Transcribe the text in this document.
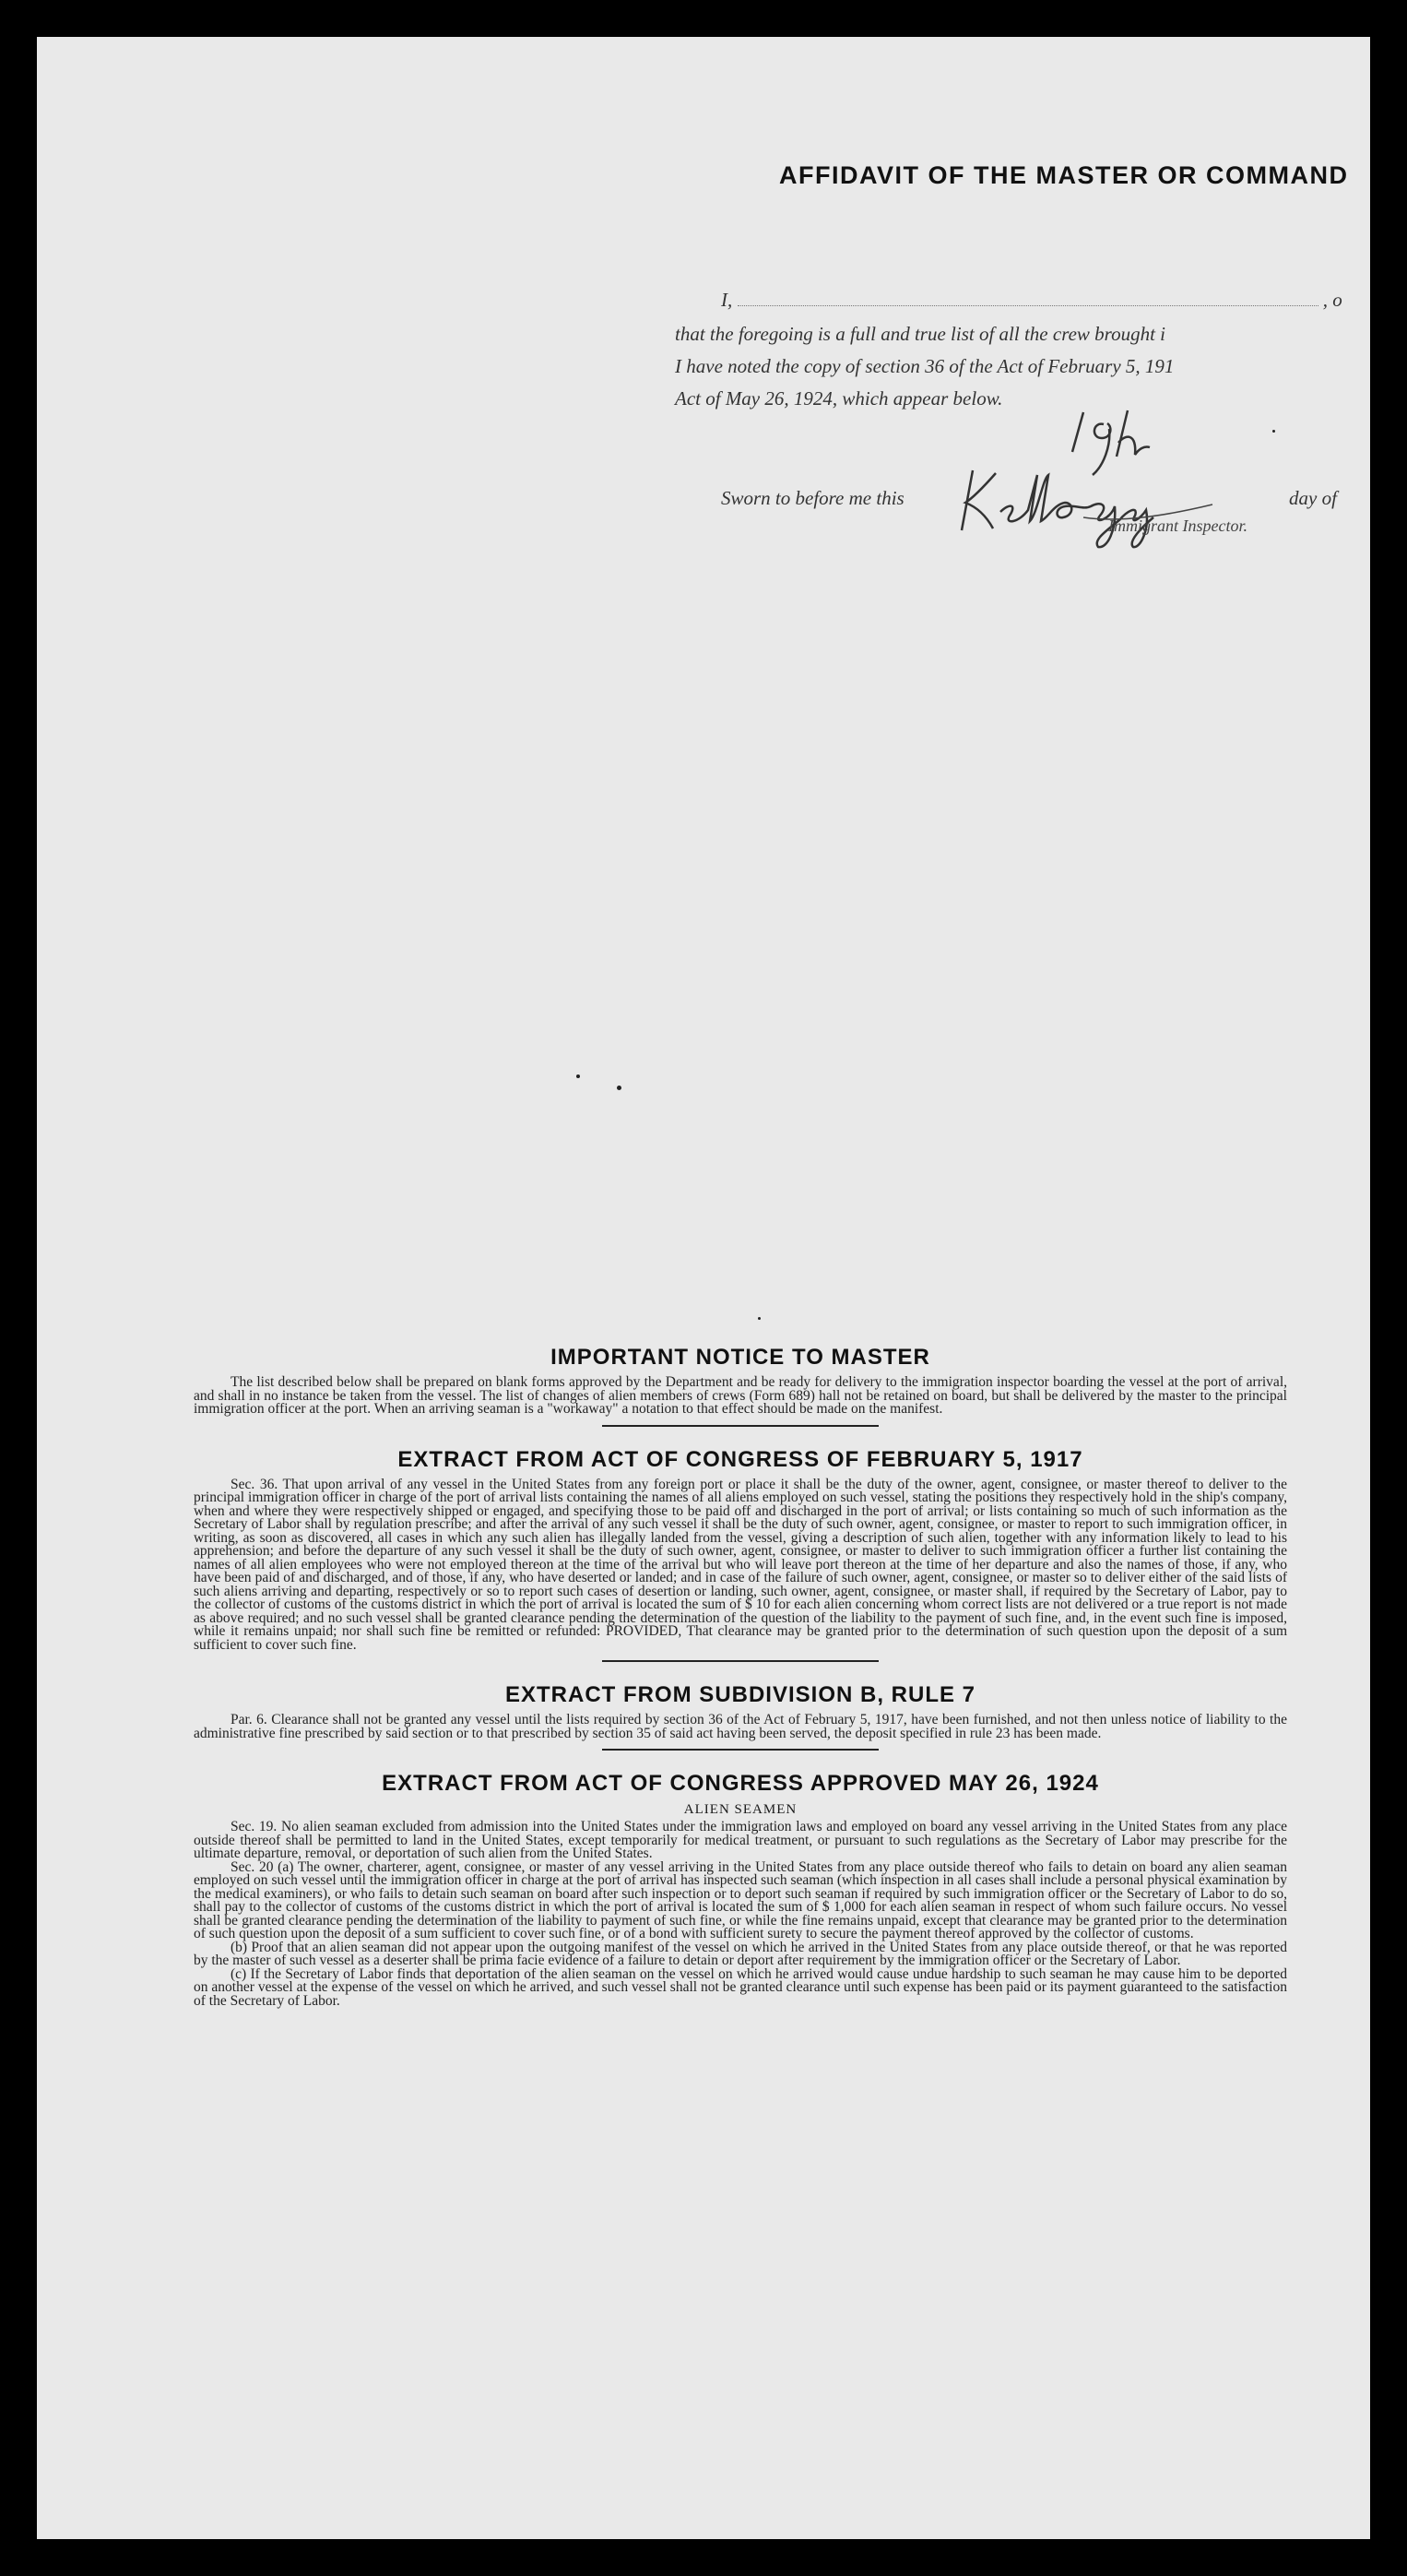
AFFIDAVIT OF THE MASTER OR COMMAND
I,	, o
that the foregoing is a full and true list of all the crew brought i
I have noted the copy of section 36 of the Act of February 5, 191
Act of May 26, 1924, which appear below.
Sworn to before me this	day of
Immigrant Inspector.
IMPORTANT NOTICE TO MASTER

The list described below shall be prepared on blank forms approved by the Department and be ready for delivery to the immigration inspector boarding the vessel at the port of arrival, and shall in no instance be taken from the vessel. The list of changes of alien members of crews (Form 689) hall not be retained on board, but shall be delivered by the master to the principal immigration officer at the port. When an arriving seaman is a "workaway" a notation to that effect should be made on the manifest.

EXTRACT FROM ACT OF CONGRESS OF FEBRUARY 5, 1917

Sec. 36. That upon arrival of any vessel in the United States from any foreign port or place it shall be the duty of the owner, agent, consignee, or master thereof to deliver to the principal immigration officer in charge of the port of arrival lists containing the names of all aliens employed on such vessel, stating the positions they respectively hold in the ship's company, when and where they were respectively shipped or engaged, and specifying those to be paid off and discharged in the port of arrival; or lists containing so much of such information as the Secretary of Labor shall by regulation prescribe; and after the arrival of any such vessel it shall be the duty of such owner, agent, consignee, or master to report to such immigration officer, in writing, as soon as discovered, all cases in which any such alien has illegally landed from the vessel, giving a description of such alien, together with any information likely to lead to his apprehension; and before the departure of any such vessel it shall be the duty of such owner, agent, consignee, or master to deliver to such immigration officer a further list containing the names of all alien employees who were not employed thereon at the time of the arrival but who will leave port thereon at the time of her departure and also the names of those, if any, who have been paid of and discharged, and of those, if any, who have deserted or landed; and in case of the failure of such owner, agent, consignee, or master so to deliver either of the said lists of such aliens arriving and departing, respectively or so to report such cases of desertion or landing, such owner, agent, consignee, or master shall, if required by the Secretary of Labor, pay to the collector of customs of the customs district in which the port of arrival is located the sum of $ 10 for each alien concerning whom correct lists are not delivered or a true report is not made as above required; and no such vessel shall be granted clearance pending the determination of the question of the liability to the payment of such fine, and, in the event such fine is imposed, while it remains unpaid; nor shall such fine be remitted or refunded: PROVIDED, That clearance may be granted prior to the determination of such question upon the deposit of a sum sufficient to cover such fine.

EXTRACT FROM SUBDIVISION B, RULE 7

Par. 6. Clearance shall not be granted any vessel until the lists required by section 36 of the Act of February 5, 1917, have been furnished, and not then unless notice of liability to the administrative fine prescribed by said section or to that prescribed by section 35 of said act having been served, the deposit specified in rule 23 has been made.

EXTRACT FROM ACT OF CONGRESS APPROVED MAY 26, 1924
ALIEN SEAMEN

Sec. 19. No alien seaman excluded from admission into the United States under the immigration laws and employed on board any vessel arriving in the United States from any place outside thereof shall be permitted to land in the United States, except temporarily for medical treatment, or pursuant to such regulations as the Secretary of Labor may prescribe for the ultimate departure, removal, or deportation of such alien from the United States.

Sec. 20 (a) The owner, charterer, agent, consignee, or master of any vessel arriving in the United States from any place outside thereof who fails to detain on board any alien seaman employed on such vessel until the immigration officer in charge at the port of arrival has inspected such seaman (which inspection in all cases shall include a personal physical examination by the medical examiners), or who fails to detain such seaman on board after such inspection or to deport such seaman if required by such immigration officer or the Secretary of Labor to do so, shall pay to the collector of customs of the customs district in which the port of arrival is located the sum of $ 1,000 for each alien seaman in respect of whom such failure occurs. No vessel shall be granted clearance pending the determination of the liability to payment of such fine, or while the fine remains unpaid, except that clearance may be granted prior to the determination of such question upon the deposit of a sum sufficient to cover such fine, or of a bond with sufficient surety to secure the payment thereof approved by the collector of customs.

(b) Proof that an alien seaman did not appear upon the outgoing manifest of the vessel on which he arrived in the United States from any place outside thereof, or that he was reported by the master of such vessel as a deserter shall be prima facie evidence of a failure to detain or deport after requirement by the immigration officer or the Secretary of Labor.

(c) If the Secretary of Labor finds that deportation of the alien seaman on the vessel on which he arrived would cause undue hardship to such seaman he may cause him to be deported on another vessel at the expense of the vessel on which he arrived, and such vessel shall not be granted clearance until such expense has been paid or its payment guaranteed to the satisfaction of the Secretary of Labor.
